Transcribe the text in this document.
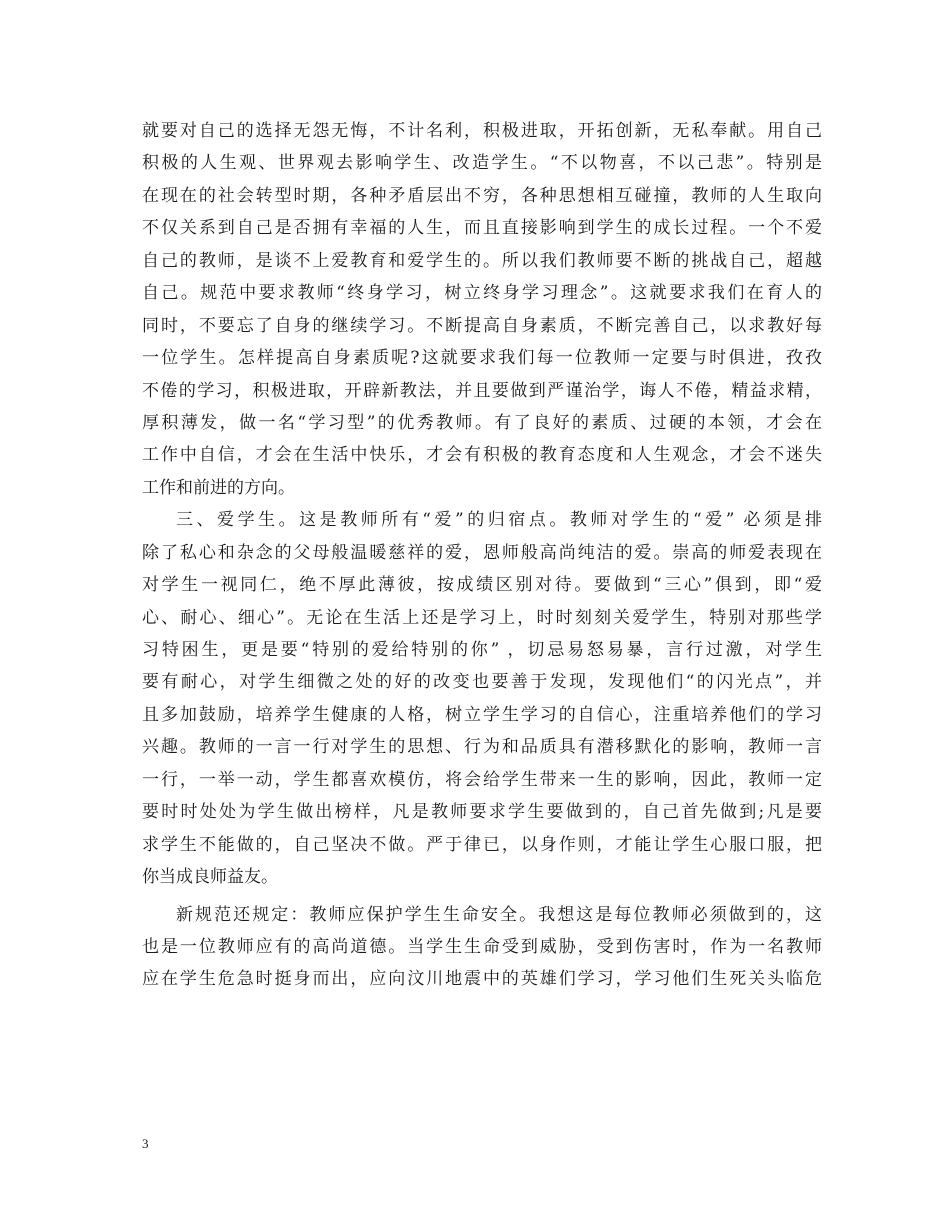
就要对自己的选择无怨无悔，不计名利，积极进取，开拓创新，无私奉献。用自己
积极的人生观、世界观去影响学生、改造学生。“不以物喜，不以己悲”。特别是
在现在的社会转型时期，各种矛盾层出不穷，各种思想相互碰撞，教师的人生取向
不仅关系到自己是否拥有幸福的人生，而且直接影响到学生的成长过程。一个不爱
自己的教师，是谈不上爱教育和爱学生的。所以我们教师要不断的挑战自己，超越
自己。规范中要求教师“终身学习，树立终身学习理念”。这就要求我们在育人的
同时，不要忘了自身的继续学习。不断提高自身素质，不断完善自己，以求教好每
一位学生。怎样提高自身素质呢?这就要求我们每一位教师一定要与时俱进，孜孜
不倦的学习，积极进取，开辟新教法，并且要做到严谨治学，诲人不倦，精益求精，
厚积薄发，做一名“学习型”的优秀教师。有了良好的素质、过硬的本领，才会在
工作中自信，才会在生活中快乐，才会有积极的教育态度和人生观念，才会不迷失
工作和前进的方向。
三、爱学生。这是教师所有“爱”的归宿点。教师对学生的“爱” 必须是排
除了私心和杂念的父母般温暖慈祥的爱，恩师般高尚纯洁的爱。崇高的师爱表现在
对学生一视同仁，绝不厚此薄彼，按成绩区别对待。要做到“三心”俱到，即“爱
心、耐心、细心”。无论在生活上还是学习上，时时刻刻关爱学生，特别对那些学
习特困生，更是要“特别的爱给特别的你” ，切忌易怒易暴，言行过激，对学生
要有耐心，对学生细微之处的好的改变也要善于发现，发现他们“的闪光点”，并
且多加鼓励，培养学生健康的人格，树立学生学习的自信心，注重培养他们的学习
兴趣。教师的一言一行对学生的思想、行为和品质具有潜移默化的影响，教师一言
一行，一举一动，学生都喜欢模仿，将会给学生带来一生的影响，因此，教师一定
要时时处处为学生做出榜样，凡是教师要求学生要做到的，自己首先做到;凡是要
求学生不能做的，自己坚决不做。严于律已，以身作则，才能让学生心服口服，把
你当成良师益友。
新规范还规定：教师应保护学生生命安全。我想这是每位教师必须做到的，这
也是一位教师应有的高尚道德。当学生生命受到威胁，受到伤害时，作为一名教师
应在学生危急时挺身而出，应向汶川地震中的英雄们学习，学习他们生死关头临危
3
